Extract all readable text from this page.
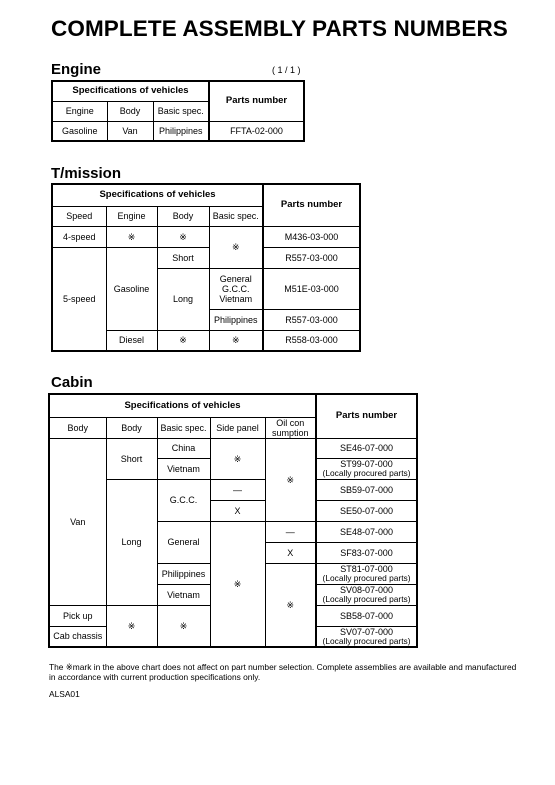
COMPLETE ASSEMBLY PARTS NUMBERS
Engine	( 1 / 1 )
Specifications of vehicles			Parts number
Engine	Body	Basic spec.	
Gasoline	Van	Philippines	FFTA-02-000
T/mission
Specifications of vehicles				Parts number
Speed	Engine	Body	Basic spec.	
4-speed	※	※	※	M436-03-000
5-speed	Gasoline	Short		R557-03-000
		Long	General
G.C.C.
Vietnam	M51E-03-000
			Philippines	R557-03-000
	Diesel	※	※	R558-03-000
Cabin
Specifications of vehicles					Parts number
Body	Body	Basic spec.	Side panel	Oil con sumption	
Van	Short	China	※	※	SE46-07-000
		Vietnam			ST99-07-000
(Locally procured parts)

	Long	G.C.C.	—		SB59-07-000
			X		SE50-07-000
		General	※	—	SE48-07-000
				X	SF83-07-000
		Philippines		※	ST81-07-000
(Locally procured parts)

		Vietnam			SV08-07-000
(Locally procured parts)

Pick up	※	※			SB58-07-000
Cab chassis					SV07-07-000
(Locally procured parts)
The ※mark in the above chart does not affect on part number selection. Complete assemblies are available and manufactured in accordance with current production specifications only.
ALSA01
